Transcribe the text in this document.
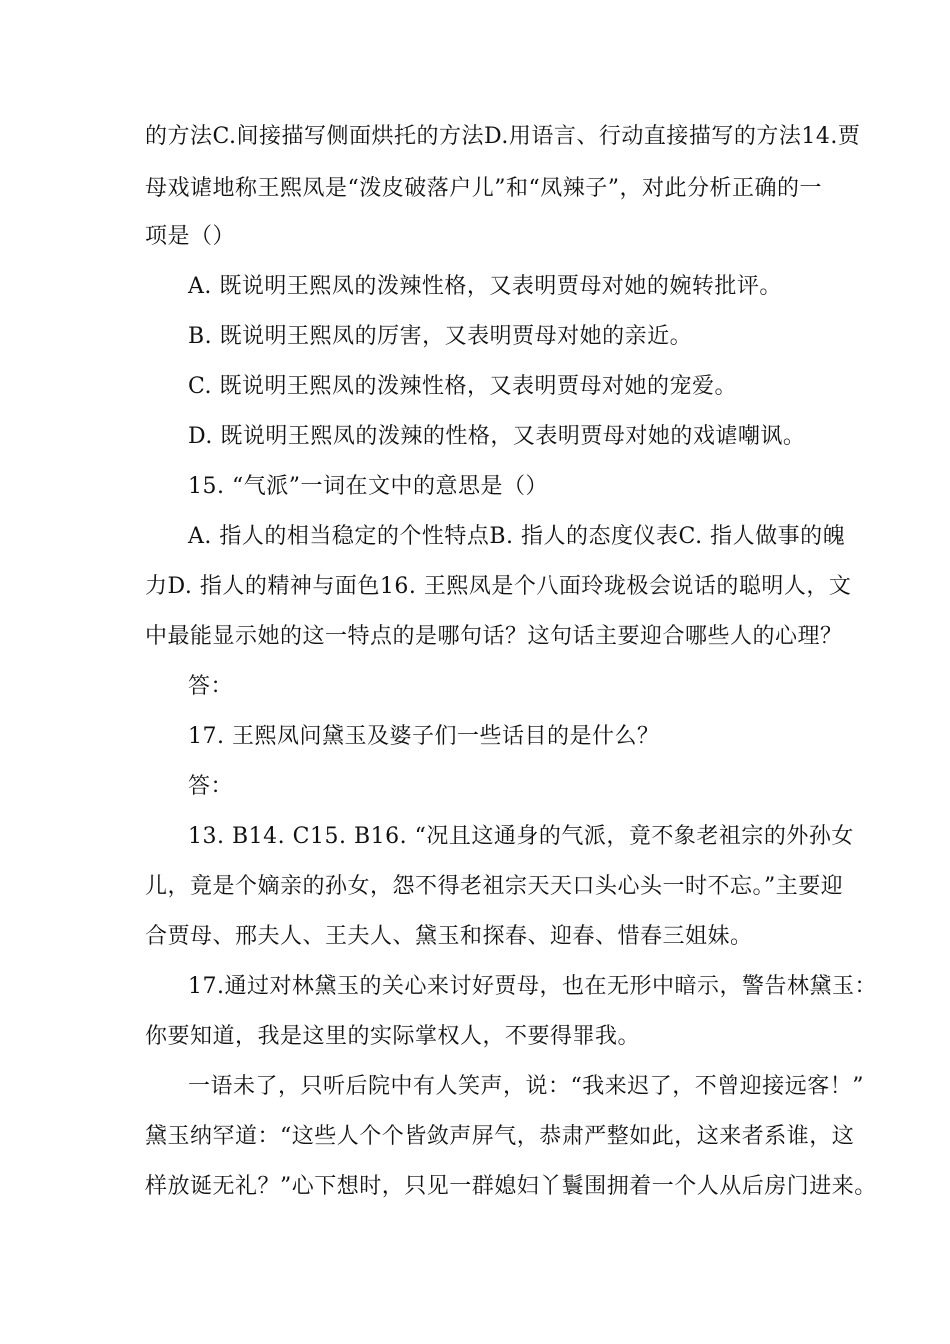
的方法C.间接描写侧面烘托的方法D.用语言、行动直接描写的方法14.贾
母戏谑地称王熙凤是“泼皮破落户儿”和“凤辣子”，对此分析正确的一
项是（）
A. 既说明王熙凤的泼辣性格，又表明贾母对她的婉转批评。
B. 既说明王熙凤的厉害，又表明贾母对她的亲近。
C. 既说明王熙凤的泼辣性格，又表明贾母对她的宠爱。
D. 既说明王熙凤的泼辣的性格，又表明贾母对她的戏谑嘲讽。
15. “气派”一词在文中的意思是（）
A. 指人的相当稳定的个性特点B. 指人的态度仪表C. 指人做事的魄
力D. 指人的精神与面色16. 王熙凤是个八面玲珑极会说话的聪明人，文
中最能显示她的这一特点的是哪句话？这句话主要迎合哪些人的心理？
答：
17. 王熙凤问黛玉及婆子们一些话目的是什么？
答：
13. B14. C15. B16. “况且这通身的气派，竟不象老祖宗的外孙女
儿，竟是个嫡亲的孙女，怨不得老祖宗天天口头心头一时不忘。”主要迎
合贾母、邢夫人、王夫人、黛玉和探春、迎春、惜春三姐妹。
17.通过对林黛玉的关心来讨好贾母，也在无形中暗示，警告林黛玉：
你要知道，我是这里的实际掌权人，不要得罪我。
一语未了，只听后院中有人笑声，说：“我来迟了，不曾迎接远客！”
黛玉纳罕道：“这些人个个皆敛声屏气，恭肃严整如此，这来者系谁，这
样放诞无礼？”心下想时，只见一群媳妇丫鬟围拥着一个人从后房门进来。
